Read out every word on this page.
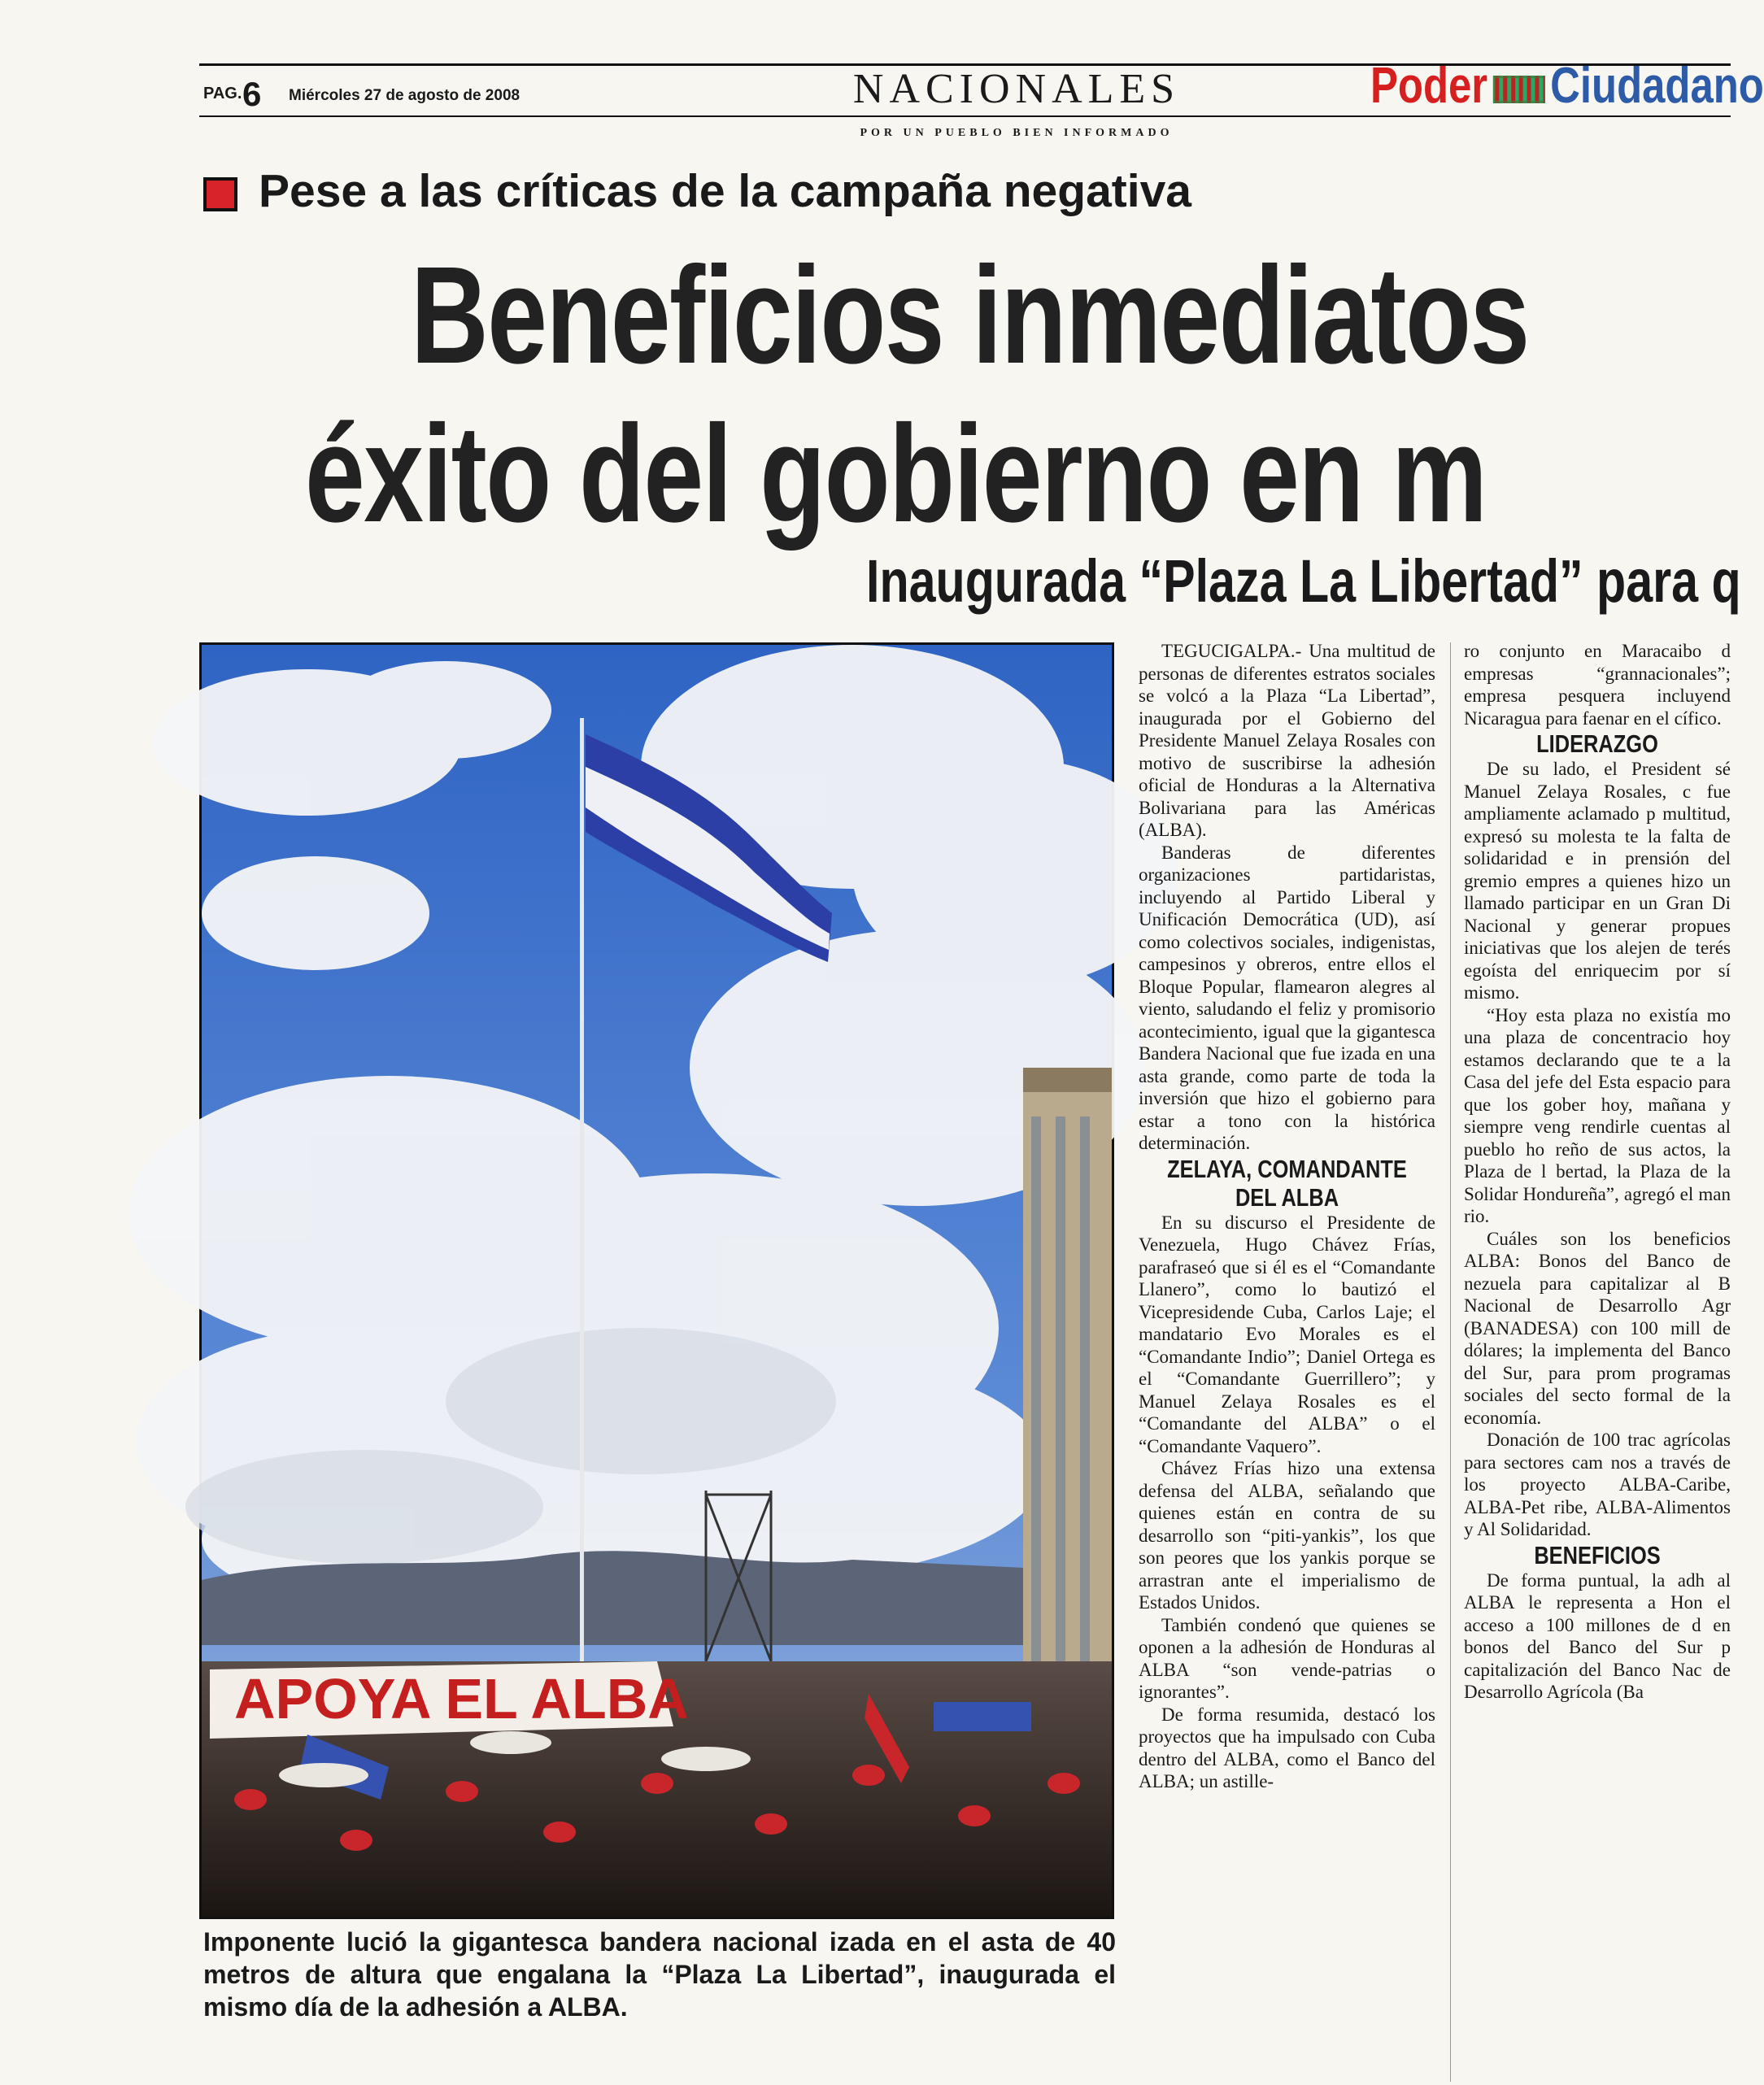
PAG. 6 Miércoles 27 de agosto de 2008	NACIONALES
POR UN PUEBLO BIEN INFORMADO
Poder Ciudadano
Pese a las críticas de la campaña negativa
Beneficios inmediatos
éxito del gobierno en m
Inaugurada “Plaza La Libertad” para q
APOYA EL ALBA
Imponente lució la gigantesca bandera nacional izada en el asta de 40 metros de altura que engalana la “Plaza La Libertad”, inaugurada el mismo día de la adhesión a ALBA.

TEGUCIGALPA.- Una multitud de personas de diferentes estratos sociales se volcó a la Plaza “La Libertad”, inaugurada por el Gobierno del Presidente Manuel Zelaya Rosales con motivo de suscribirse la adhesión oficial de Honduras a la Alternativa Bolivariana para las Américas (ALBA).

Banderas de diferentes organizaciones partidaristas, incluyendo al Partido Liberal y Unificación Democrática (UD), así como colectivos sociales, indigenistas, campesinos y obreros, entre ellos el Bloque Popular, flamearon alegres al viento, saludando el feliz y promisorio acontecimiento, igual que la gigantesca Bandera Nacional que fue izada en una asta grande, como parte de toda la inversión que hizo el gobierno para estar a tono con la histórica determinación.

ZELAYA, COMANDANTE DEL ALBA

En su discurso el Presidente de Venezuela, Hugo Chávez Frías, parafraseó que si él es el “Comandante Llanero”, como lo bautizó el Vicepresidende Cuba, Carlos Laje; el mandatario Evo Morales es el “Comandante Indio”; Daniel Ortega es el “Comandante Guerrillero”; y Manuel Zelaya Rosales es el “Comandante del ALBA” o el “Comandante Vaquero”.

Chávez Frías hizo una extensa defensa del ALBA, señalando que quienes están en contra de su desarrollo son “piti-yankis”, los que son peores que los yankis porque se arrastran ante el imperialismo de Estados Unidos.

También condenó que quienes se oponen a la adhesión de Honduras al ALBA “son vende-patrias o ignorantes”.

De forma resumida, destacó los proyectos que ha impulsado con Cuba dentro del ALBA, como el Banco del ALBA; un astille-

ro conjunto en Maracaibo d empresas “grannacionales”; empresa pesquera incluyend Nicaragua para faenar en el cífico.

LIDERAZGO

De su lado, el President sé Manuel Zelaya Rosales, c fue ampliamente aclamado p multitud, expresó su molesta te la falta de solidaridad e in prensión del gremio empres a quienes hizo un llamado participar en un Gran Di Nacional y generar propues iniciativas que los alejen de terés egoísta del enriquecim por sí mismo.

“Hoy esta plaza no existía mo una plaza de concentracio hoy estamos declarando que te a la Casa del jefe del Esta espacio para que los gober hoy, mañana y siempre veng rendirle cuentas al pueblo ho reño de sus actos, la Plaza de l bertad, la Plaza de la Solidar Hondureña”, agregó el man rio.

Cuáles son los beneficios ALBA: Bonos del Banco de nezuela para capitalizar al B Nacional de Desarrollo Agr (BANADESA) con 100 mill de dólares; la implementa del Banco del Sur, para prom programas sociales del secto formal de la economía.

Donación de 100 trac agrícolas para sectores cam nos a través de los proyecto ALBA-Caribe, ALBA-Pet ribe, ALBA-Alimentos y Al Solidaridad.

BENEFICIOS

De forma puntual, la adh al ALBA le representa a Hon el acceso a 100 millones de d en bonos del Banco del Sur p capitalización del Banco Nac de Desarrollo Agrícola (Ba
